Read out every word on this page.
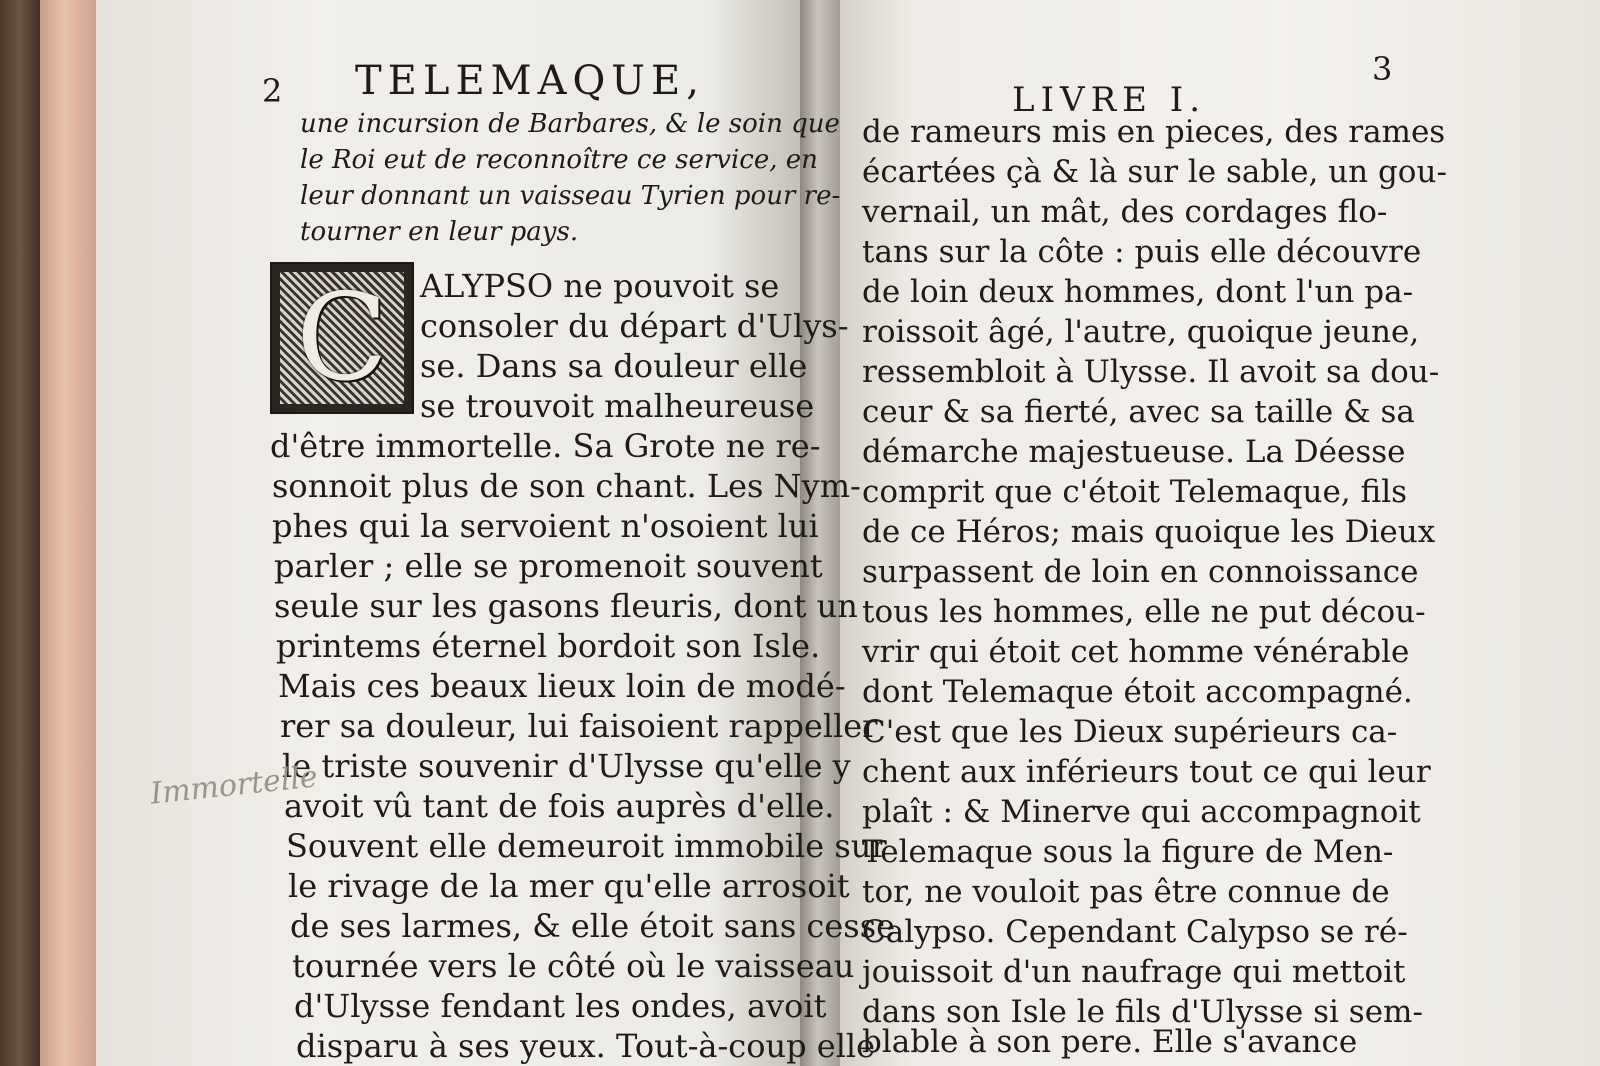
2 TELEMAQUE,
une incursion de Barbares, & le soin que
le Roi eut de reconnoître ce service, en
leur donnant un vaisseau Tyrien pour re-
tourner en leur pays.
C	ALYPSO ne pouvoit se
consoler du départ d'Ulys-
se. Dans sa douleur elle
se trouvoit malheureuse
d'être immortelle. Sa Grote ne re-
sonnoit plus de son chant. Les Nym-
phes qui la servoient n'osoient lui
parler ; elle se promenoit souvent
seule sur les gasons fleuris, dont un
printems éternel bordoit son Isle.
Mais ces beaux lieux loin de modé-
rer sa douleur, lui faisoient rappeller
le triste souvenir d'Ulysse qu'elle y
avoit vû tant de fois auprès d'elle.
Souvent elle demeuroit immobile sur
le rivage de la mer qu'elle arrosoit
de ses larmes, & elle étoit sans cesse
tournée vers le côté où le vaisseau
d'Ulysse fendant les ondes, avoit
disparu à ses yeux. Tout-à-coup elle
Immortelle
LIVRE I.
3
de rameurs mis en pieces, des rames
écartées çà & là sur le sable, un gou-
vernail, un mât, des cordages flo-
tans sur la côte : puis elle découvre
de loin deux hommes, dont l'un pa-
roissoit âgé, l'autre, quoique jeune,
ressembloit à Ulysse. Il avoit sa dou-
ceur & sa fierté, avec sa taille & sa
démarche majestueuse. La Déesse
comprit que c'étoit Telemaque, fils
de ce Héros; mais quoique les Dieux
surpassent de loin en connoissance
tous les hommes, elle ne put décou-
vrir qui étoit cet homme vénérable
dont Telemaque étoit accompagné.
C'est que les Dieux supérieurs ca-
chent aux inférieurs tout ce qui leur
plaît : & Minerve qui accompagnoit
Telemaque sous la figure de Men-
tor, ne vouloit pas être connue de
Calypso. Cependant Calypso se ré-
jouissoit d'un naufrage qui mettoit
dans son Isle le fils d'Ulysse si sem-
blable à son pere. Elle s'avance
